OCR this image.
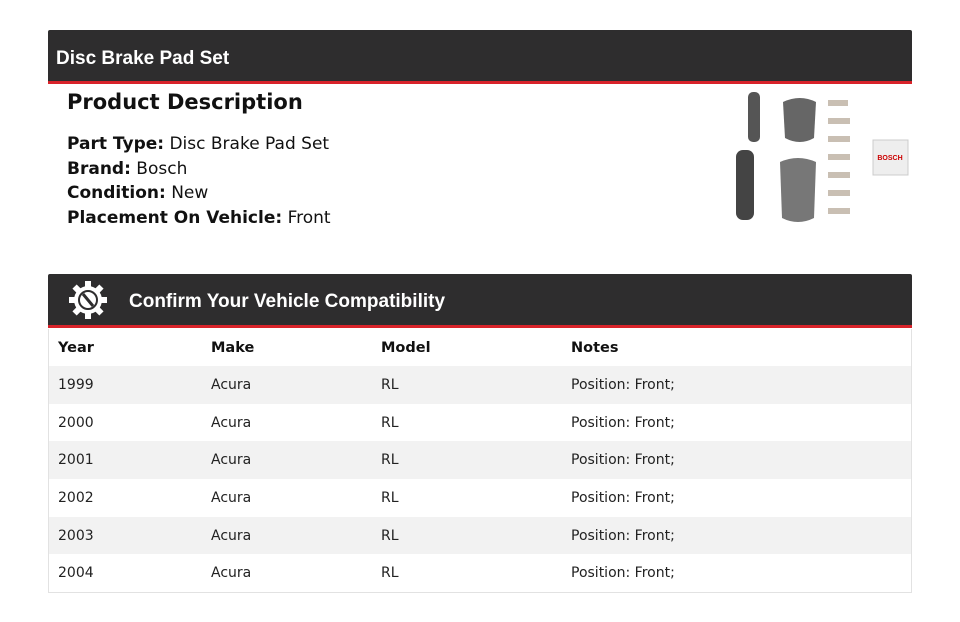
Disc Brake Pad Set
Product Description
Part Type: Disc Brake Pad Set
Brand: Bosch
Condition: New
Placement On Vehicle: Front
BOSCH
Confirm Your Vehicle Compatibility
Year	Make	Model	Notes
1999	Acura	RL	Position: Front;
2000	Acura	RL	Position: Front;
2001	Acura	RL	Position: Front;
2002	Acura	RL	Position: Front;
2003	Acura	RL	Position: Front;
2004	Acura	RL	Position: Front;
